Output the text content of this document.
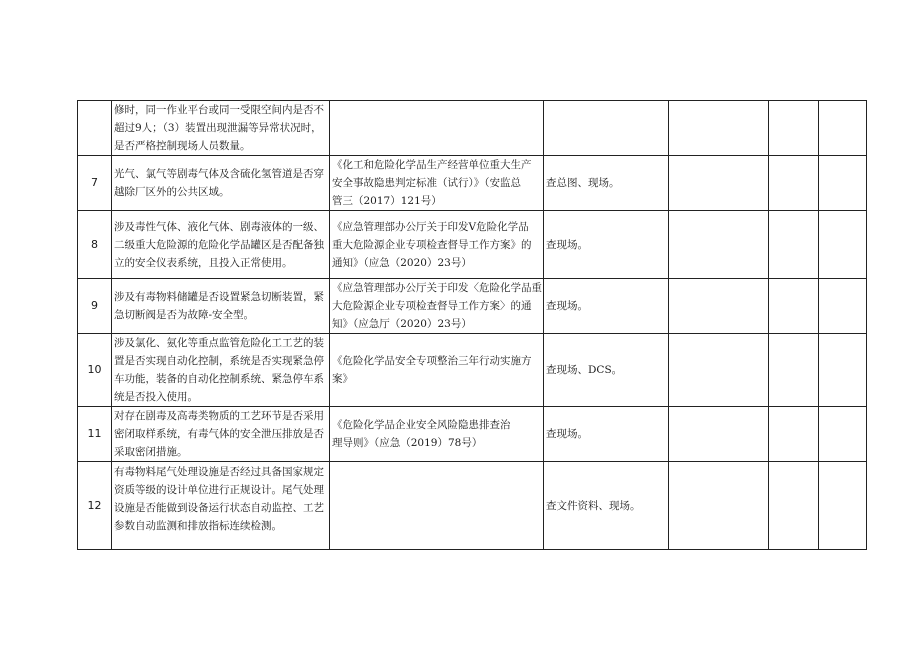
	修时，同一作业平台或同一受限空间内是否不
超过9人；（3）装置出现泄漏等异常状况时，
是否严格控制现场人员数量。					

7	光气、氯气等剧毒气体及含硫化氢管道是否穿
越除厂区外的公共区域。	《化工和危险化学品生产经营单位重大生产
安全事故隐患判定标准（试行）》（安监总
管三（2017）121号）	查总图、现场。			
8	涉及毒性气体、液化气体、剧毒液体的一级、
二级重大危险源的危险化学品罐区是否配备独
立的安全仪表系统，且投入正常使用。	《应急管理部办公厅关于印发V危险化学品
重大危险源企业专项检查督导工作方案》的
通知》（应急（2020）23号）	查现场。			
9	涉及有毒物料储罐是否设置紧急切断装置，紧
急切断阀是否为故障-安全型。	《应急管理部办公厅关于印发〈危险化学品重
大危险源企业专项检查督导工作方案〉的通
知》（应急厅（2020）23号）	查现场。			
10	涉及氯化、氨化等重点监管危险化工工艺的装
置是否实现自动化控制，系统是否实现紧急停
车功能，装备的自动化控制系统、紧急停车系
统是否投入使用。	《危险化学品安全专项整治三年行动实施方
案》	查现场、DCS。			
11	对存在剧毒及高毒类物质的工艺环节是否采用
密闭取样系统，有毒气体的安全泄压排放是否
采取密闭措施。	《危险化学品企业安全风险隐患排查治
理导则》（应急（2019）78号）	查现场。			
12	有毒物料尾气处理设施是否经过具备国家规定
资质等级的设计单位进行正规设计。尾气处理
设施是否能做到设备运行状态自动监控、工艺
参数自动监测和排放指标连续检测。		查文件资料、现场。			
